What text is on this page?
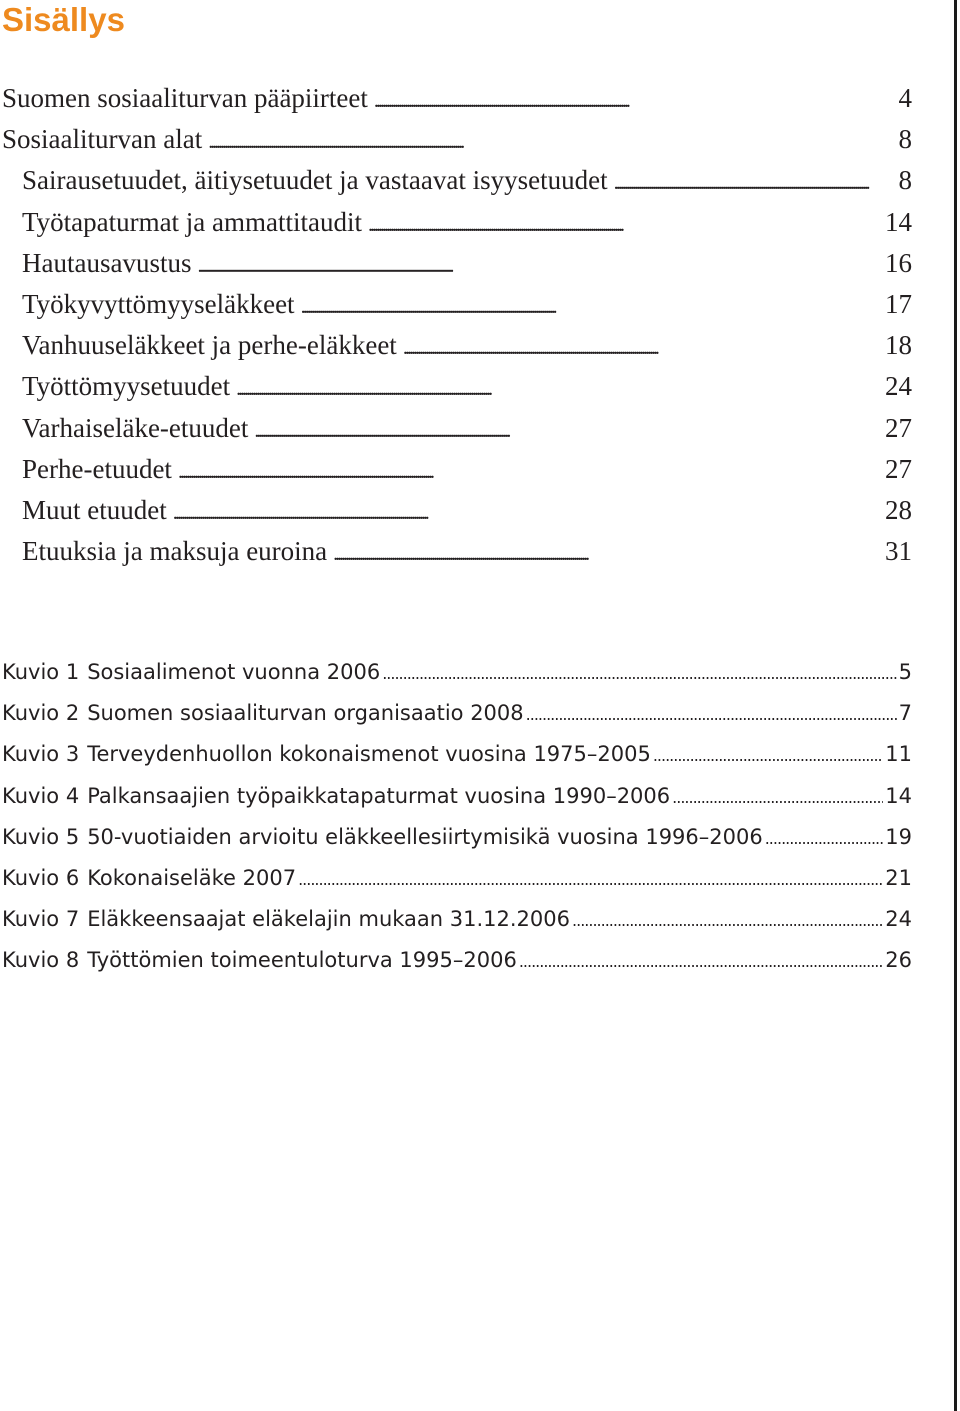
Sisällys
Suomen sosiaaliturvan pääpiirteet . . .	4
Sosiaaliturvan alat . . .	8
Sairausetuudet, äitiysetuudet ja vastaavat isyysetuudet . . .	8
Työtapaturmat ja ammattitaudit . . .	14
Hautausavustus . . .	16
Työkyvyttömyyseläkkeet . . .	17
Vanhuuseläkkeet ja perhe-eläkkeet . . .	18
Työttömyysetuudet . . .	24
Varhaiseläke-etuudet . . .	27
Perhe-etuudet . . .	27
Muut etuudet . . .	28
Etuuksia ja maksuja euroina . . .	31
Kuvio 1 Sosiaalimenot vuonna 2006 .....	5
Kuvio 2 Suomen sosiaaliturvan organisaatio 2008 .....	7
Kuvio 3 Terveydenhuollon kokonaismenot vuosina 1975–2005 .....	11
Kuvio 4 Palkansaajien työpaikkatapaturmat vuosina 1990–2006 .....	14
Kuvio 5 50-vuotiaiden arvioitu eläkkeellesiirtymisikä vuosina 1996–2006 .....	19
Kuvio 6 Kokonaiseläke 2007 .....	21
Kuvio 7 Eläkkeensaajat eläkelajin mukaan 31.12.2006 .....	24
Kuvio 8 Työttömien toimeentuloturva 1995–2006 .....	26
